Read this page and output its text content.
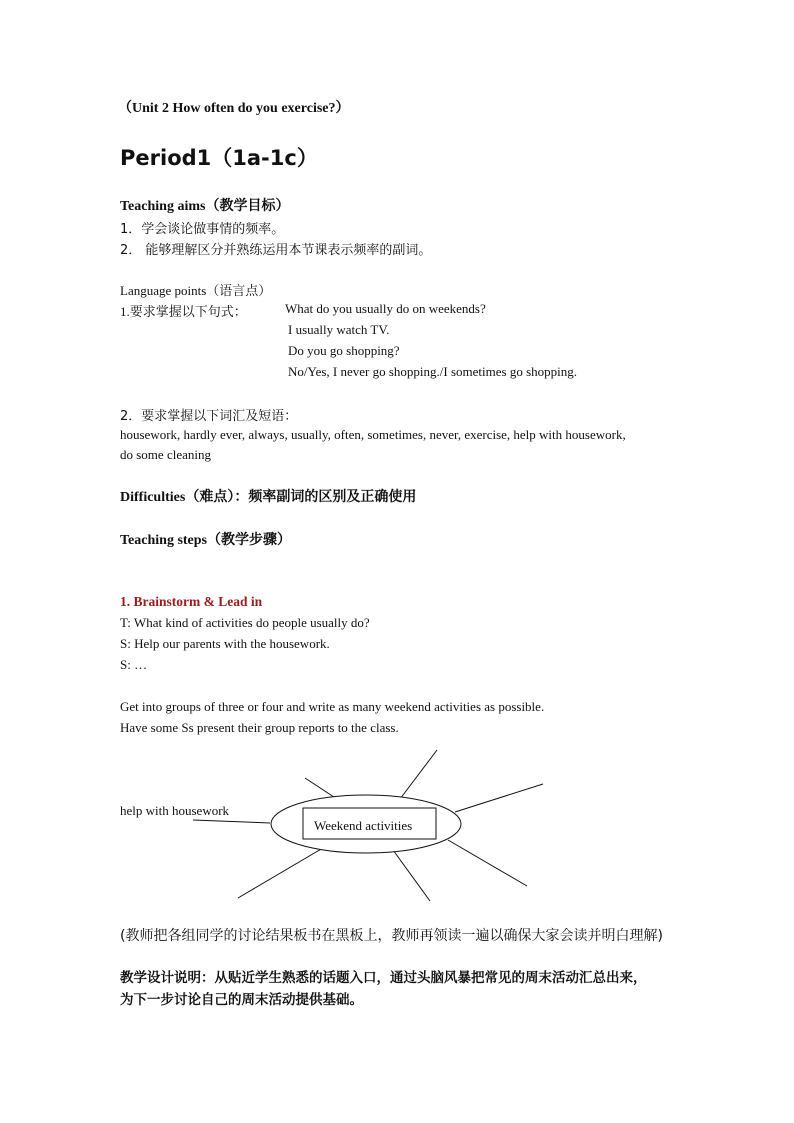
（Unit 2 How often do you exercise?）
Period1（1a-1c）
Teaching aims（教学目标）
1．学会谈论做事情的频率。
2． 能够理解区分并熟练运用本节课表示频率的副词。
Language points（语言点）
1.要求掌握以下句式：	What do you usually do on weekends?
I usually watch TV.
Do you go shopping?
No/Yes, I never go shopping./I sometimes go shopping.
2．要求掌握以下词汇及短语：
housework, hardly ever, always, usually, often, sometimes, never, exercise, help with housework,
do some cleaning
Difficulties（难点）：频率副词的区别及正确使用
Teaching steps（教学步骤）
1. Brainstorm & Lead in
T: What kind of activities do people usually do?
S: Help our parents with the housework.
S: …
Get into groups of three or four and write as many weekend activities as possible.
Have some Ss present their group reports to the class.
Weekend activities
help with housework
(教师把各组同学的讨论结果板书在黑板上，教师再领读一遍以确保大家会读并明白理解)
教学设计说明：从贴近学生熟悉的话题入口，通过头脑风暴把常见的周末活动汇总出来，
为下一步讨论自己的周末活动提供基础。
